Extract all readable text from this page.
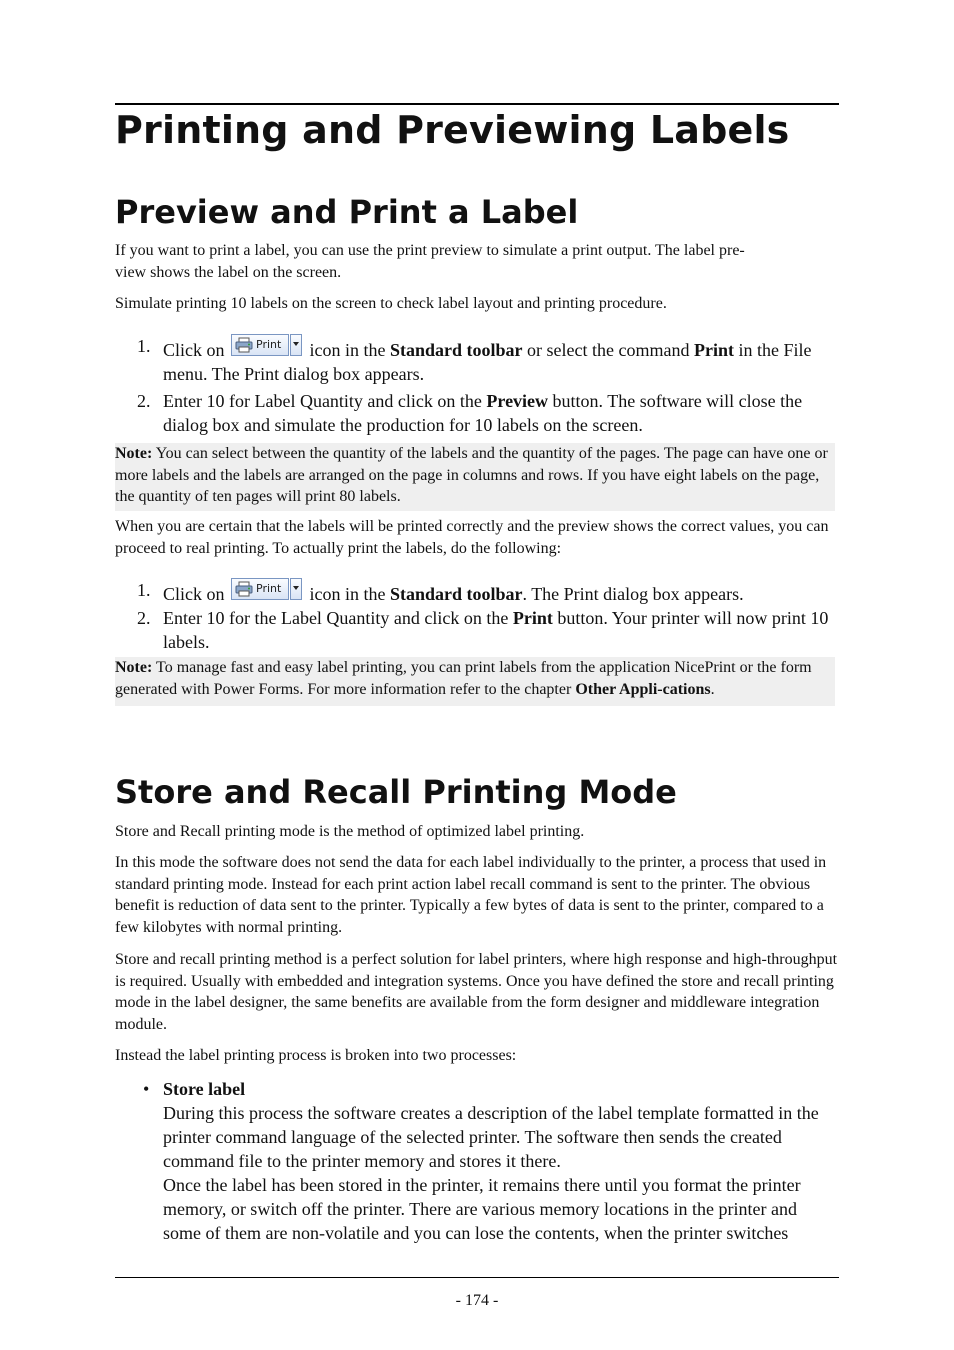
Printing and Previewing Labels
Preview and Print a Label
If you want to print a label, you can use the print preview to simulate a print output. The label pre-
view shows the label on the screen.
Simulate printing 10 labels on the screen to check label layout and printing procedure.
1. Click on	Print icon in the Standard toolbar or select the command Print in the File menu. The Print dialog box appears.
2. Enter 10 for Label Quantity and click on the Preview button. The software will close the dialog box and simulate the production for 10 labels on the screen.
Note: You can select between the quantity of the labels and the quantity of the pages. The page can have one or more labels and the labels are arranged on the page in columns and rows. If you have eight labels on the page, the quantity of ten pages will print 80 labels.
When you are certain that the labels will be printed correctly and the preview shows the correct values, you can proceed to real printing. To actually print the labels, do the following:
1. Click on	Print icon in the Standard toolbar. The Print dialog box appears.
2. Enter 10 for the Label Quantity and click on the Print button. Your printer will now print 10 labels.
Note: To manage fast and easy label printing, you can print labels from the application NicePrint or the form generated with Power Forms. For more information refer to the chapter Other Appli-cations.
Store and Recall Printing Mode
Store and Recall printing mode is the method of optimized label printing.
In this mode the software does not send the data for each label individually to the printer, a process that used in standard printing mode. Instead for each print action label recall command is sent to the printer. The obvious benefit is reduction of data sent to the printer. Typically a few bytes of data is sent to the printer, compared to a few kilobytes with normal printing.
Store and recall printing method is a perfect solution for label printers, where high response and high-throughput is required. Usually with embedded and integration systems. Once you have defined the store and recall printing mode in the label designer, the same benefits are available from the form designer and middleware integration module.
Instead the label printing process is broken into two processes:
• Store label
During this process the software creates a description of the label template formatted in the printer command language of the selected printer. The software then sends the created command file to the printer memory and stores it there.
Once the label has been stored in the printer, it remains there until you format the printer memory, or switch off the printer. There are various memory locations in the printer and some of them are non-volatile and you can lose the contents, when the printer switches
- 174 -
